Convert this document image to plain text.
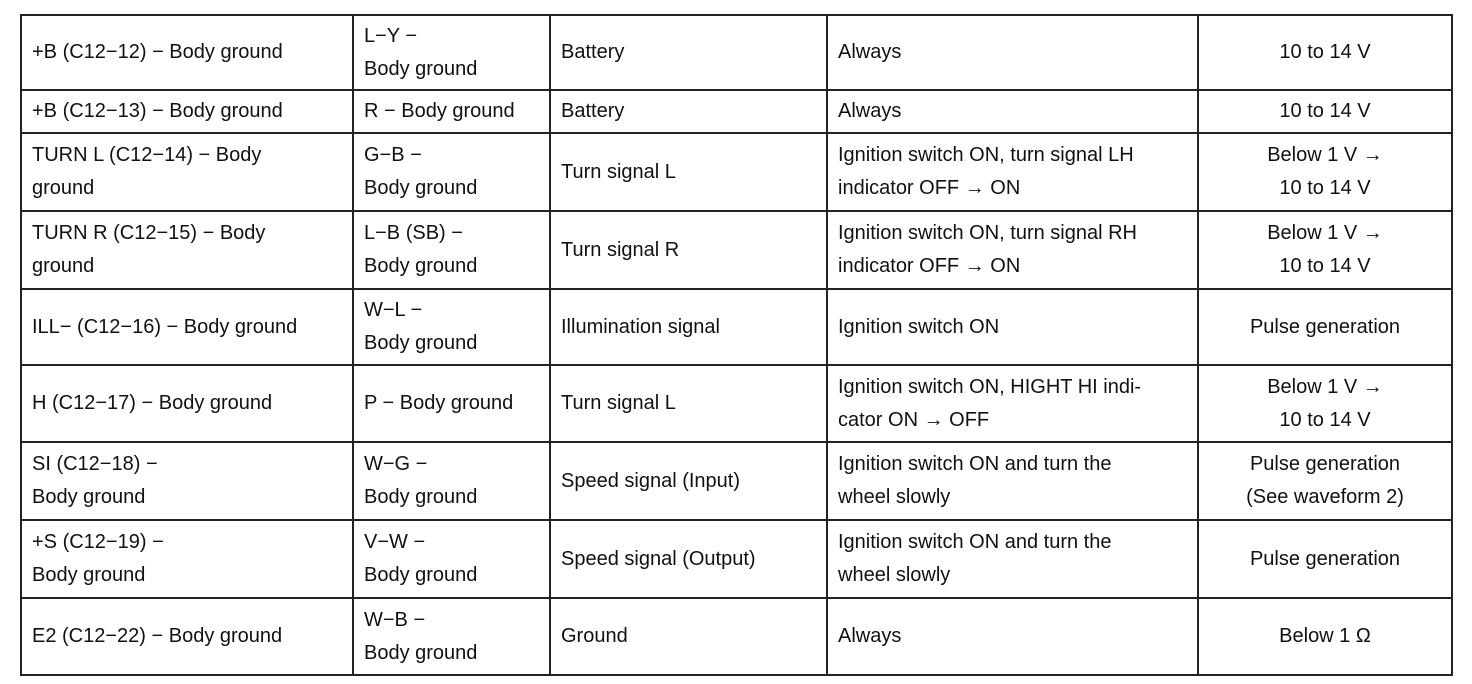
+B (C12−12) − Body ground	L−Y −
Body ground	Battery	Always	10 to 14 V
+B (C12−13) − Body ground	R − Body ground	Battery	Always	10 to 14 V
TURN L (C12−14) − Body
ground	G−B −
Body ground	Turn signal L	Ignition switch ON, turn signal LH
indicator OFF → ON	Below 1 V →
10 to 14 V
TURN R (C12−15) − Body
ground	L−B (SB) −
Body ground	Turn signal R	Ignition switch ON, turn signal RH
indicator OFF → ON	Below 1 V →
10 to 14 V
ILL− (C12−16) − Body ground	W−L −
Body ground	Illumination signal	Ignition switch ON	Pulse generation
H (C12−17) − Body ground	P − Body ground	Turn signal L	Ignition switch ON, HIGHT HI indi-
cator ON → OFF	Below 1 V →
10 to 14 V
SI (C12−18) −
Body ground	W−G −
Body ground	Speed signal (Input)	Ignition switch ON and turn the
wheel slowly	Pulse generation
(See waveform 2)
+S (C12−19) −
Body ground	V−W −
Body ground	Speed signal (Output)	Ignition switch ON and turn the
wheel slowly	Pulse generation
E2 (C12−22) − Body ground	W−B −
Body ground	Ground	Always	Below 1 Ω
